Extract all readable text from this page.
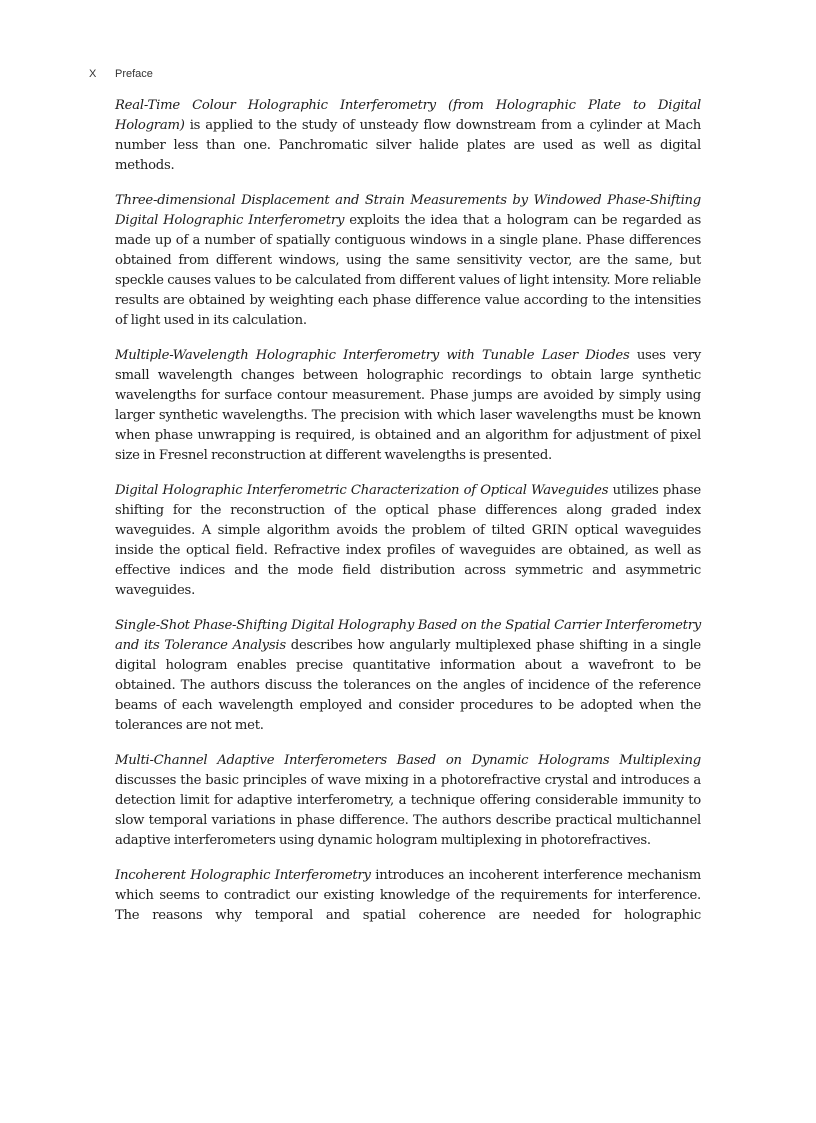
X Preface

Real-Time Colour Holographic Interferometry (from Holographic Plate to Digital Hologram) is applied to the study of unsteady flow downstream from a cylinder at Mach number less than one. Panchromatic silver halide plates are used as well as digital methods.

Three-dimensional Displacement and Strain Measurements by Windowed Phase-Shifting Digital Holographic Interferometry exploits the idea that a hologram can be regarded as made up of a number of spatially contiguous windows in a single plane. Phase differences obtained from different windows, using the same sensitivity vector, are the same, but speckle causes values to be calculated from different values of light intensity. More reliable results are obtained by weighting each phase difference value according to the intensities of light used in its calculation.

Multiple-Wavelength Holographic Interferometry with Tunable Laser Diodes uses very small wavelength changes between holographic recordings to obtain large synthetic wavelengths for surface contour measurement. Phase jumps are avoided by simply using larger synthetic wavelengths. The precision with which laser wavelengths must be known when phase unwrapping is required, is obtained and an algorithm for adjustment of pixel size in Fresnel reconstruction at different wavelengths is presented.

Digital Holographic Interferometric Characterization of Optical Waveguides utilizes phase shifting for the reconstruction of the optical phase differences along graded index waveguides. A simple algorithm avoids the problem of tilted GRIN optical waveguides inside the optical field. Refractive index profiles of waveguides are obtained, as well as effective indices and the mode field distribution across symmetric and asymmetric waveguides.

Single-Shot Phase-Shifting Digital Holography Based on the Spatial Carrier Interferometry and its Tolerance Analysis describes how angularly multiplexed phase shifting in a single digital hologram enables precise quantitative information about a wavefront to be obtained. The authors discuss the tolerances on the angles of incidence of the reference beams of each wavelength employed and consider procedures to be adopted when the tolerances are not met.

Multi-Channel Adaptive Interferometers Based on Dynamic Holograms Multiplexing discusses the basic principles of wave mixing in a photorefractive crystal and introduces a detection limit for adaptive interferometry, a technique offering considerable immunity to slow temporal variations in phase difference. The authors describe practical multichannel adaptive interferometers using dynamic hologram multiplexing in photorefractives.

Incoherent Holographic Interferometry introduces an incoherent interference mechanism which seems to contradict our existing knowledge of the requirements for interference. The reasons why temporal and spatial coherence are needed for holographic
